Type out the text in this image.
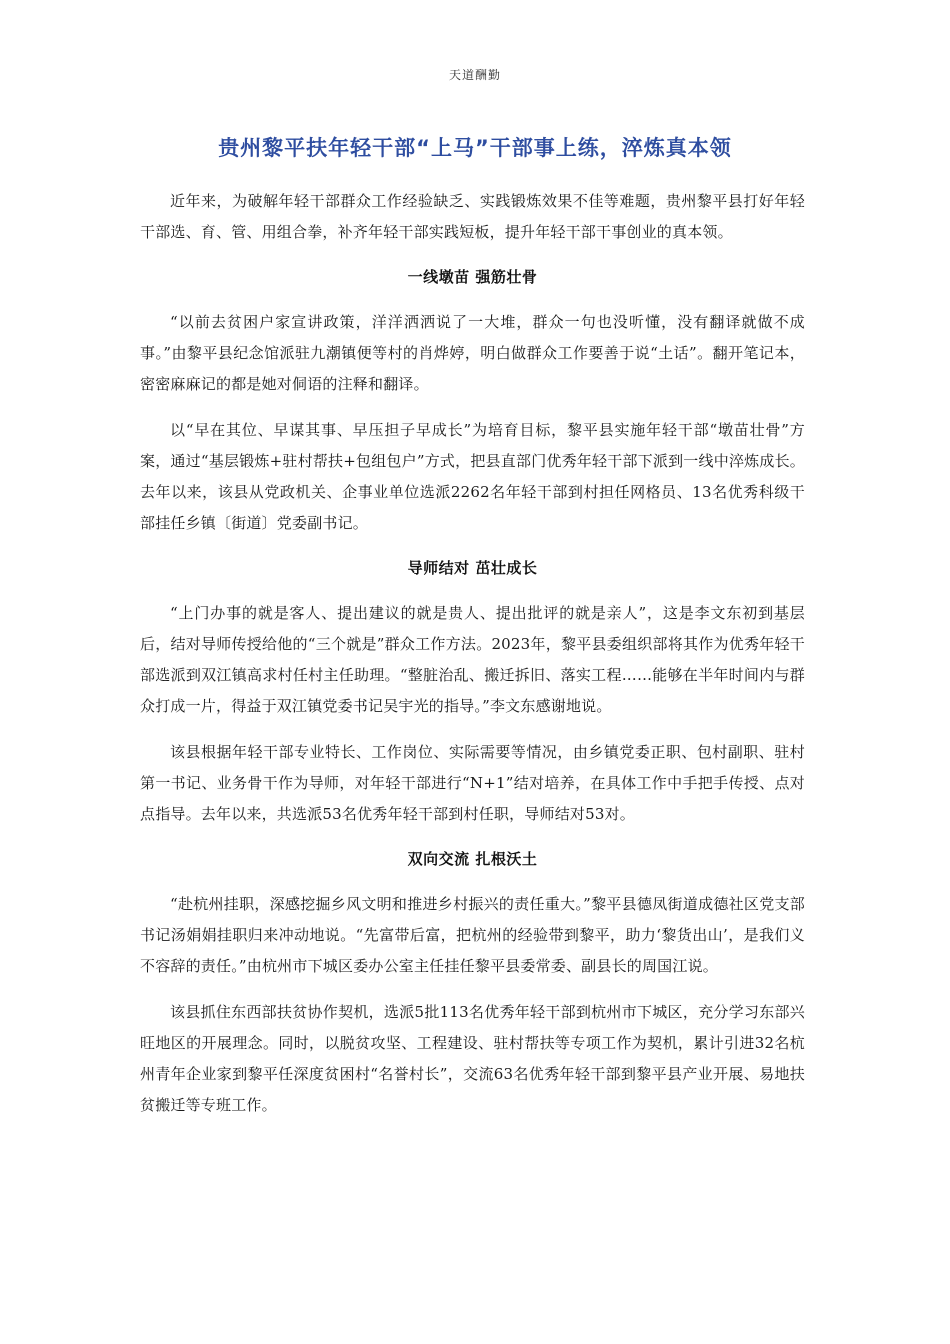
天道酬勤
贵州黎平扶年轻干部“上马”干部事上练，淬炼真本领

近年来，为破解年轻干部群众工作经验缺乏、实践锻炼效果不佳等难题，贵州黎平县打好年轻干部选、育、管、用组合拳，补齐年轻干部实践短板，提升年轻干部干事创业的真本领。

一线墩苗 强筋壮骨

“以前去贫困户家宣讲政策，洋洋洒洒说了一大堆，群众一句也没听懂，没有翻译就做不成事。”由黎平县纪念馆派驻九潮镇便等村的肖烨婷，明白做群众工作要善于说“土话”。翻开笔记本，密密麻麻记的都是她对侗语的注释和翻译。

以“早在其位、早谋其事、早压担子早成长”为培育目标，黎平县实施年轻干部“墩苗壮骨”方案，通过“基层锻炼+驻村帮扶+包组包户”方式，把县直部门优秀年轻干部下派到一线中淬炼成长。去年以来，该县从党政机关、企事业单位选派2262名年轻干部到村担任网格员、13名优秀科级干部挂任乡镇〔街道〕党委副书记。

导师结对 茁壮成长

“上门办事的就是客人、提出建议的就是贵人、提出批评的就是亲人”，这是李文东初到基层后，结对导师传授给他的“三个就是”群众工作方法。2023年，黎平县委组织部将其作为优秀年轻干部选派到双江镇高求村任村主任助理。“整脏治乱、搬迁拆旧、落实工程……能够在半年时间内与群众打成一片，得益于双江镇党委书记吴宇光的指导。”李文东感谢地说。

该县根据年轻干部专业特长、工作岗位、实际需要等情况，由乡镇党委正职、包村副职、驻村第一书记、业务骨干作为导师，对年轻干部进行“N+1”结对培养，在具体工作中手把手传授、点对点指导。去年以来，共选派53名优秀年轻干部到村任职，导师结对53对。

双向交流 扎根沃土

“赴杭州挂职，深感挖掘乡风文明和推进乡村振兴的责任重大。”黎平县德凤街道成德社区党支部书记汤娟娟挂职归来冲动地说。“先富带后富，把杭州的经验带到黎平，助力‘黎货出山’，是我们义不容辞的责任。”由杭州市下城区委办公室主任挂任黎平县委常委、副县长的周国江说。

该县抓住东西部扶贫协作契机，选派5批113名优秀年轻干部到杭州市下城区，充分学习东部兴旺地区的开展理念。同时，以脱贫攻坚、工程建设、驻村帮扶等专项工作为契机，累计引进32名杭州青年企业家到黎平任深度贫困村“名誉村长”，交流63名优秀年轻干部到黎平县产业开展、易地扶贫搬迁等专班工作。
